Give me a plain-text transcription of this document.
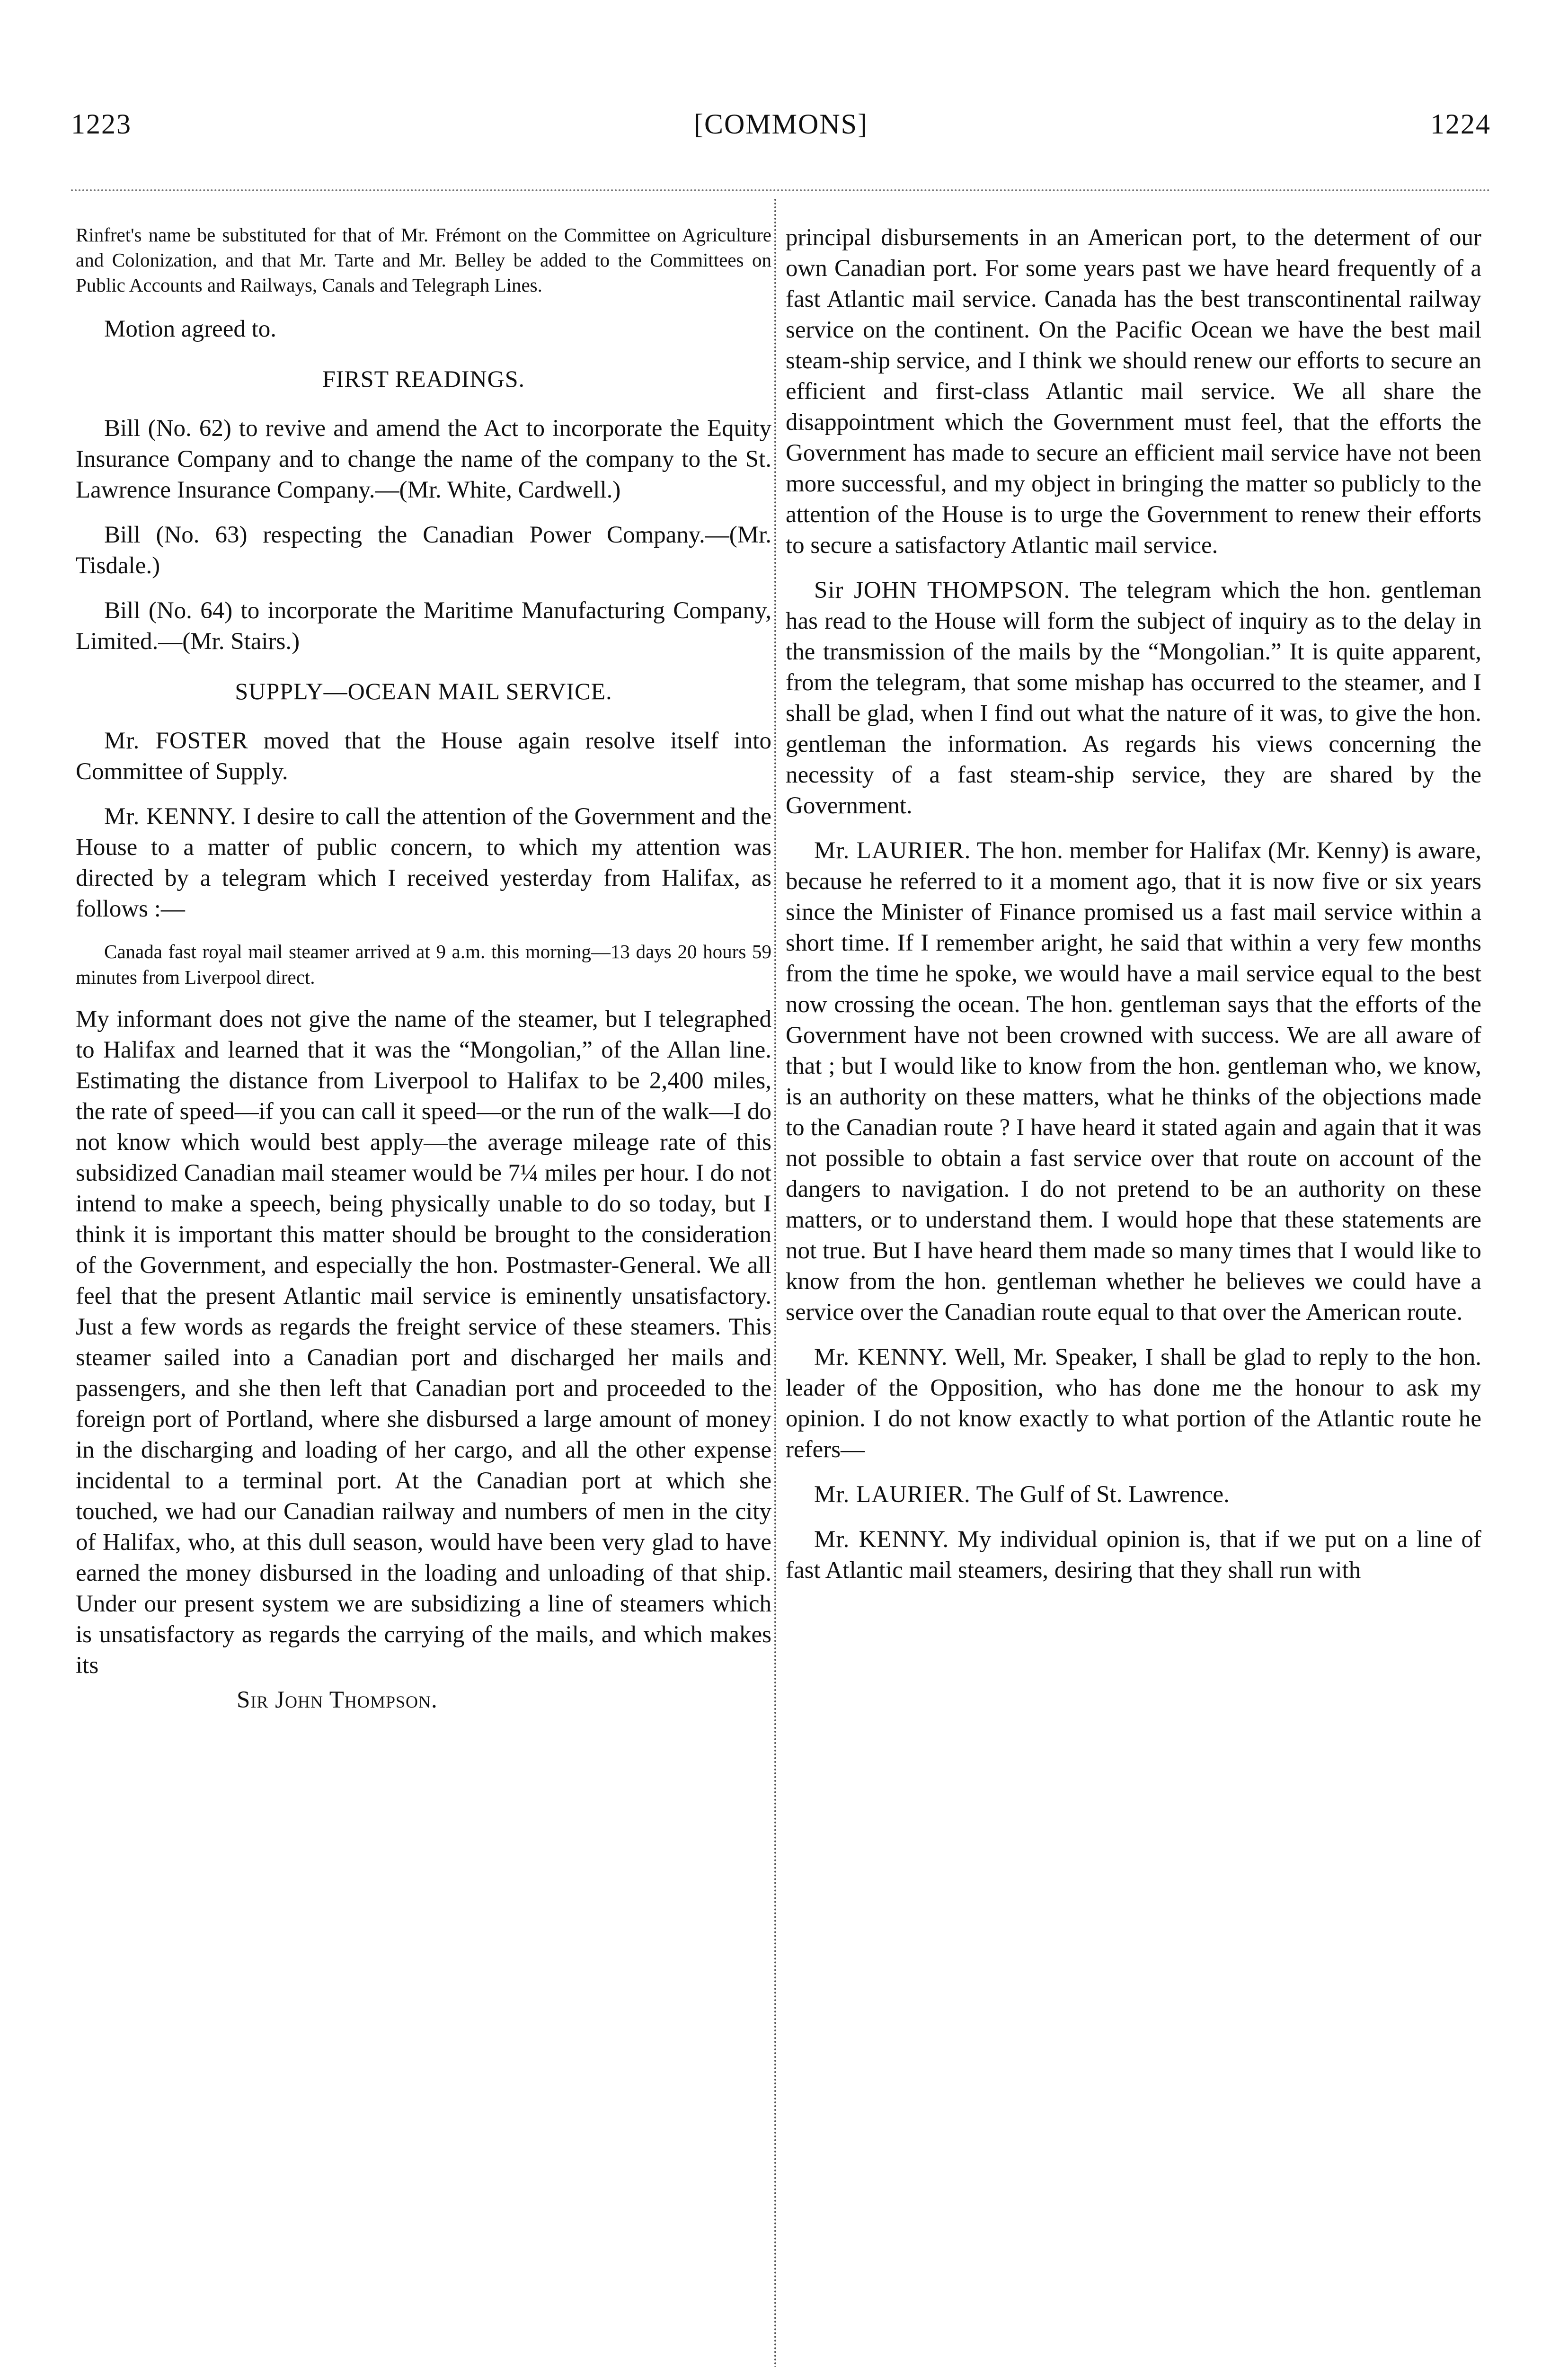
1223	[COMMONS]	1224

Rinfret's name be substituted for that of Mr. Frémont on the Committee on Agriculture and Colonization, and that Mr. Tarte and Mr. Belley be added to the Committees on Public Accounts and Railways, Canals and Telegraph Lines.

Motion agreed to.

FIRST READINGS.

Bill (No. 62) to revive and amend the Act to incorporate the Equity Insurance Company and to change the name of the company to the St. Lawrence Insurance Company.—(Mr. White, Cardwell.)

Bill (No. 63) respecting the Canadian Power Company.—(Mr. Tisdale.)

Bill (No. 64) to incorporate the Maritime Manufacturing Company, Limited.—(Mr. Stairs.)

SUPPLY—OCEAN MAIL SERVICE.

Mr. FOSTER moved that the House again resolve itself into Committee of Supply.

Mr. KENNY. I desire to call the attention of the Government and the House to a matter of public concern, to which my attention was directed by a telegram which I received yesterday from Halifax, as follows :—

Canada fast royal mail steamer arrived at 9 a.m. this morning—13 days 20 hours 59 minutes from Liverpool direct.

My informant does not give the name of the steamer, but I telegraphed to Halifax and learned that it was the “Mongolian,” of the Allan line. Estimating the distance from Liverpool to Halifax to be 2,400 miles, the rate of speed—if you can call it speed—or the run of the walk—I do not know which would best apply—the average mileage rate of this subsidized Canadian mail steamer would be 7¼ miles per hour. I do not intend to make a speech, being physically unable to do so today, but I think it is important this matter should be brought to the consideration of the Government, and especially the hon. Postmaster-General. We all feel that the present Atlantic mail service is eminently unsatisfactory. Just a few words as regards the freight service of these steamers. This steamer sailed into a Canadian port and discharged her mails and passengers, and she then left that Canadian port and proceeded to the foreign port of Portland, where she disbursed a large amount of money in the discharging and loading of her cargo, and all the other expense incidental to a terminal port. At the Canadian port at which she touched, we had our Canadian railway and numbers of men in the city of Halifax, who, at this dull season, would have been very glad to have earned the money disbursed in the loading and unloading of that ship. Under our present system we are subsidizing a line of steamers which is unsatisfactory as regards the carrying of the mails, and which makes its

Sir John Thompson.

principal disbursements in an American port, to the determent of our own Canadian port. For some years past we have heard frequently of a fast Atlantic mail service. Canada has the best transcontinental railway service on the continent. On the Pacific Ocean we have the best mail steam-ship service, and I think we should renew our efforts to secure an efficient and first-class Atlantic mail service. We all share the disappointment which the Government must feel, that the efforts the Government has made to secure an efficient mail service have not been more successful, and my object in bringing the matter so publicly to the attention of the House is to urge the Government to renew their efforts to secure a satisfactory Atlantic mail service.

Sir JOHN THOMPSON. The telegram which the hon. gentleman has read to the House will form the subject of inquiry as to the delay in the transmission of the mails by the “Mongolian.” It is quite apparent, from the telegram, that some mishap has occurred to the steamer, and I shall be glad, when I find out what the nature of it was, to give the hon. gentleman the information. As regards his views concerning the necessity of a fast steam-ship service, they are shared by the Government.

Mr. LAURIER. The hon. member for Halifax (Mr. Kenny) is aware, because he referred to it a moment ago, that it is now five or six years since the Minister of Finance promised us a fast mail service within a short time. If I remember aright, he said that within a very few months from the time he spoke, we would have a mail service equal to the best now crossing the ocean. The hon. gentleman says that the efforts of the Government have not been crowned with success. We are all aware of that ; but I would like to know from the hon. gentleman who, we know, is an authority on these matters, what he thinks of the objections made to the Canadian route ? I have heard it stated again and again that it was not possible to obtain a fast service over that route on account of the dangers to navigation. I do not pretend to be an authority on these matters, or to understand them. I would hope that these statements are not true. But I have heard them made so many times that I would like to know from the hon. gentleman whether he believes we could have a service over the Canadian route equal to that over the American route.

Mr. KENNY. Well, Mr. Speaker, I shall be glad to reply to the hon. leader of the Opposition, who has done me the honour to ask my opinion. I do not know exactly to what portion of the Atlantic route he refers—

Mr. LAURIER. The Gulf of St. Lawrence.

Mr. KENNY. My individual opinion is, that if we put on a line of fast Atlantic mail steamers, desiring that they shall run with
